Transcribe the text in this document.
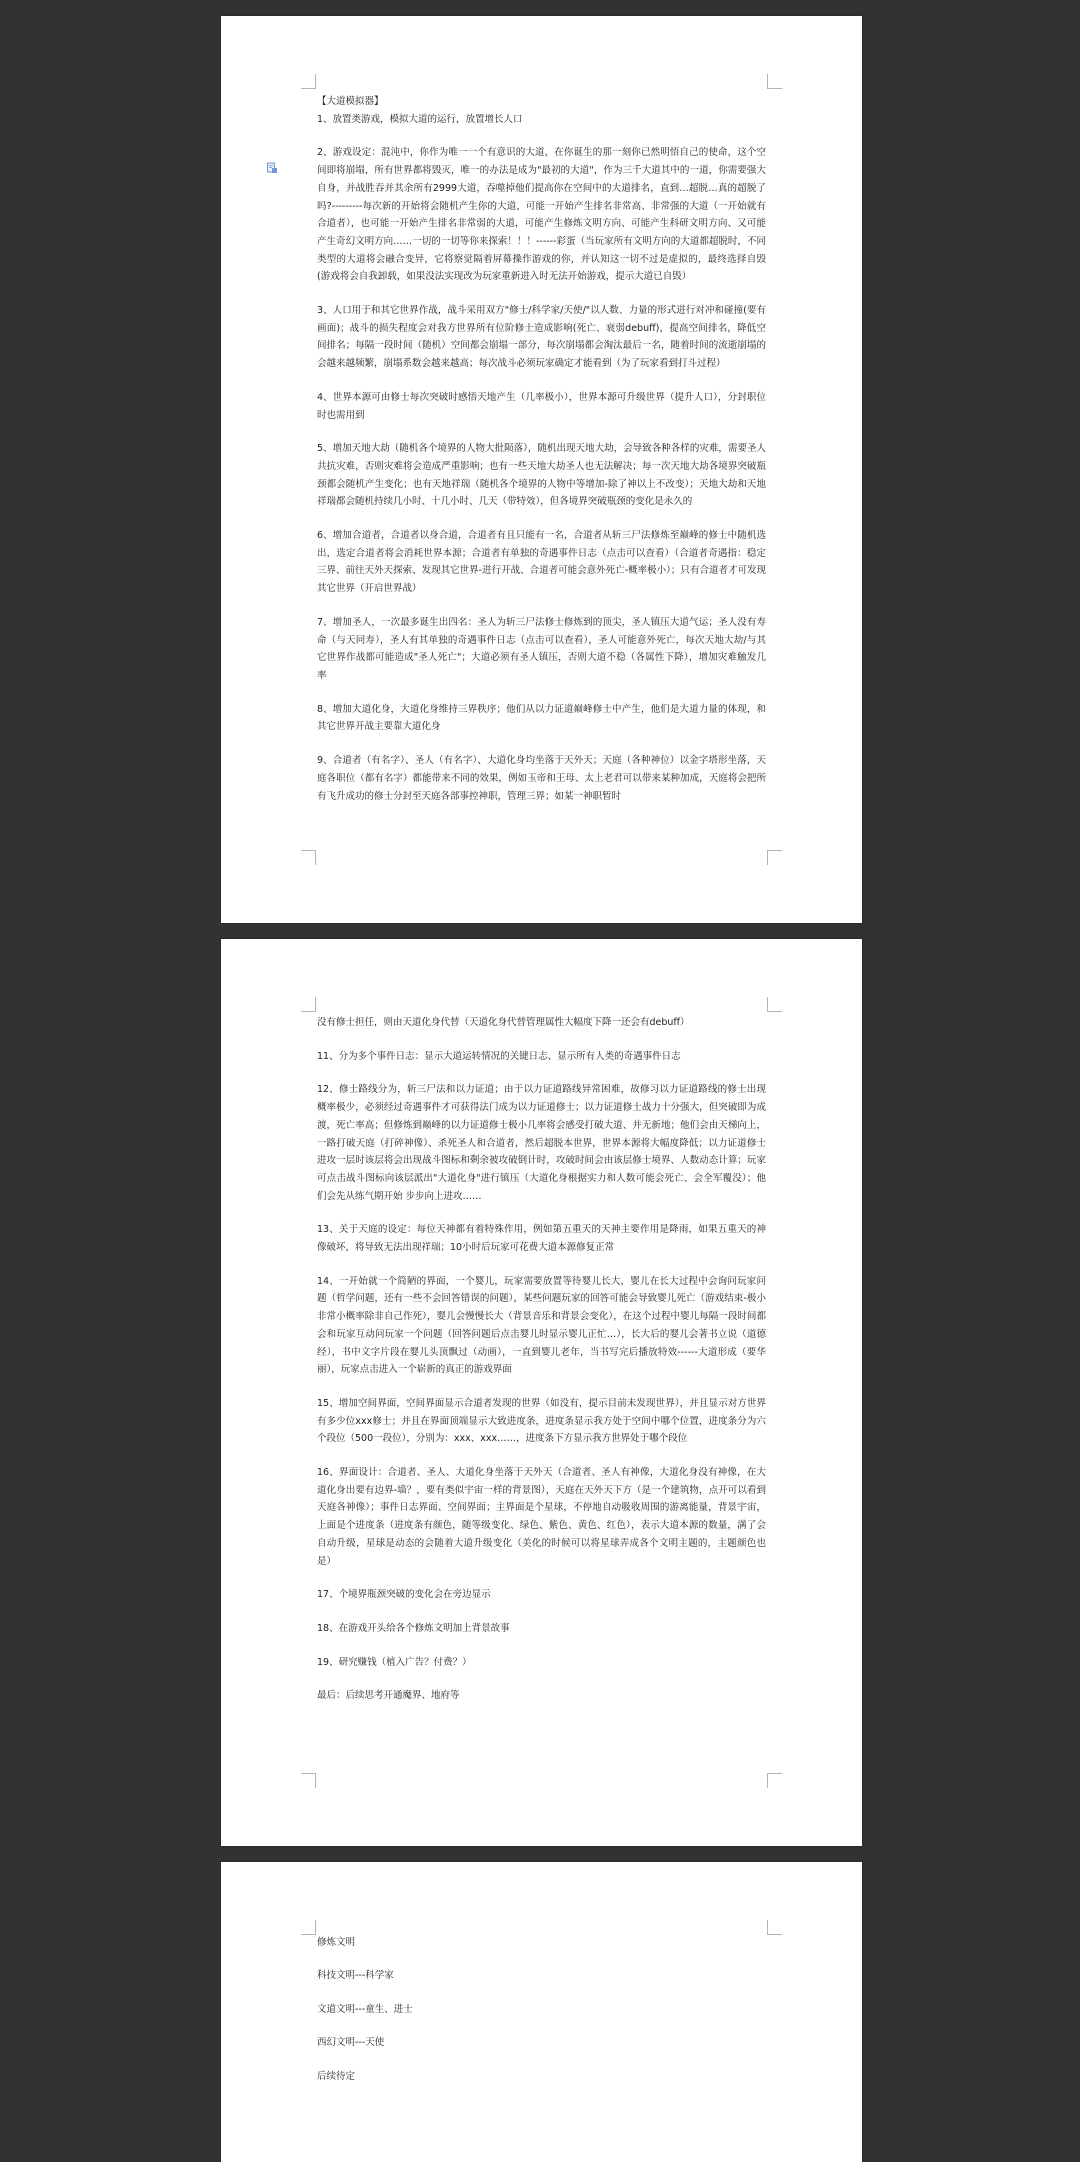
【大道模拟器】

1、放置类游戏，模拟大道的运行，放置增长人口

2、游戏设定：混沌中，你作为唯一一个有意识的大道，在你诞生的那一刻你已然明悟自己的使命，这个空间即将崩塌，所有世界都将毁灭，唯一的办法是成为"最初的大道"，作为三千大道其中的一道，你需要强大自身，并战胜吞并其余所有2999大道，吞噬掉他们提高你在空间中的大道排名，直到…超脱…真的超脱了吗?---------每次新的开始将会随机产生你的大道，可能一开始产生排名非常高、非常强的大道（一开始就有合道者），也可能一开始产生排名非常弱的大道，可能产生修炼文明方向、可能产生科研文明方向、又可能产生奇幻文明方向……一切的一切等你来探索！！！------彩蛋（当玩家所有文明方向的大道都超脱时，不同类型的大道将会融合变异，它将察觉隔着屏幕操作游戏的你，并认知这一切不过是虚拟的，最终选择自毁(游戏将会自我卸载，如果没法实现改为玩家重新进入时无法开始游戏，提示大道已自毁）

3、人口用于和其它世界作战，战斗采用双方"修士/科学家/天使/"以人数、力量的形式进行对冲和碰撞(要有画面)；战斗的损失程度会对我方世界所有位阶修士造成影响(死亡、衰弱debuff)，提高空间排名，降低空间排名；每隔一段时间（随机）空间都会崩塌一部分，每次崩塌都会淘汰最后一名，随着时间的流逝崩塌的会越来越频繁，崩塌系数会越来越高；每次战斗必须玩家确定才能看到（为了玩家看到打斗过程）

4、世界本源可由修士每次突破时感悟天地产生（几率极小），世界本源可升级世界（提升人口），分封职位时也需用到

5、增加天地大劫（随机各个境界的人物大批陨落），随机出现天地大劫，会导致各种各样的灾难，需要圣人共抗灾难，否则灾难将会造成严重影响；也有一些天地大劫圣人也无法解决；每一次天地大劫各境界突破瓶颈都会随机产生变化；也有天地祥瑞（随机各个境界的人物中等增加-除了神以上不改变）；天地大劫和天地祥瑞都会随机持续几小时、十几小时、几天（带特效），但各境界突破瓶颈的变化是永久的

6、增加合道者，合道者以身合道，合道者有且只能有一名，合道者从斩三尸法修炼至巅峰的修士中随机选出，选定合道者将会消耗世界本源；合道者有单独的奇遇事件日志（点击可以查看）（合道者奇遇指：稳定三界、前往天外天探索、发现其它世界-进行开战、合道者可能会意外死亡-概率极小）；只有合道者才可发现其它世界（开启世界战）

7、增加圣人，一次最多诞生出四名：圣人为斩三尸法修士修炼到的顶尖，圣人镇压大道气运；圣人没有寿命（与天同寿），圣人有其单独的奇遇事件日志（点击可以查看），圣人可能意外死亡，每次天地大劫/与其它世界作战都可能造成"圣人死亡"；大道必须有圣人镇压，否则大道不稳（各属性下降），增加灾难触发几率

8、增加大道化身，大道化身维持三界秩序；他们从以力证道巅峰修士中产生，他们是大道力量的体现，和其它世界开战主要靠大道化身

9、合道者（有名字）、圣人（有名字）、大道化身均坐落于天外天；天庭（各种神位）以金字塔形坐落，天庭各职位（都有名字）都能带来不同的效果，例如玉帝和王母、太上老君可以带来某种加成，天庭将会把所有飞升成功的修士分封至天庭各部事控神职，管理三界；如某一神职暂时

没有修士担任，则由天道化身代替（天道化身代替管理属性大幅度下降一还会有debuff）

11、分为多个事件日志：显示大道运转情况的关键日志、显示所有人类的奇遇事件日志

12、修士路线分为，斩三尸法和以力证道；由于以力证道路线异常困难，故修习以力证道路线的修士出现概率极少，必须经过奇遇事件才可获得法门成为以力证道修士；以力证道修士战力十分强大，但突破即为成渡，死亡率高；但修炼到巅峰的以力证道修士极小几率将会感受打破大道、并无新地；他们会由天梯向上，一路打破天庭（打碎神像）、杀死圣人和合道者，然后超脱本世界，世界本源将大幅度降低；以力证道修士进攻一层时该层将会出现战斗图标和剩余被攻破倒计时，攻破时间会由该层修士境界、人数动态计算；玩家可点击战斗图标向该层派出"大道化身"进行镇压（大道化身根据实力和人数可能会死亡、会全军覆没）；他们会先从练气期开始 步步向上进攻……

13、关于天庭的设定：每位天神都有着特殊作用，例如第五重天的天神主要作用是降雨，如果五重天的神像破坏，将导致无法出现祥瑞；10小时后玩家可花费大道本源修复正常

14、一开始就一个简陋的界面，一个婴儿，玩家需要放置等待婴儿长大，婴儿在长大过程中会询问玩家问题（哲学问题，还有一些不会回答错误的问题），某些问题玩家的回答可能会导致婴儿死亡（游戏结束-极小非常小概率除非自己作死），婴儿会慢慢长大（背景音乐和背景会变化），在这个过程中婴儿每隔一段时间都会和玩家互动问玩家一个问题（回答问题后点击婴儿时显示婴儿正忙…），长大后的婴儿会著书立说（道德经），书中文字片段在婴儿头顶飘过（动画），一直到婴儿老年，当书写完后播放特效------大道形成（要华丽），玩家点击进入一个崭新的真正的游戏界面

15、增加空间界面，空间界面显示合道者发现的世界（如没有，提示目前未发现世界），并且显示对方世界有多少位xxx修士；并且在界面顶端显示大致进度条，进度条显示我方处于空间中哪个位置，进度条分为六个段位（500一段位），分别为：xxx、xxx……，进度条下方显示我方世界处于哪个段位

16、界面设计：合道者、圣人、大道化身坐落于天外天（合道者、圣人有神像，大道化身没有神像，在大道化身出要有边界-墙？，要有类似宇宙一样的背景图），天庭在天外天下方（是一个建筑物，点开可以看到天庭各神像）；事件日志界面、空间界面；主界面是个星球，不停地自动吸收周围的游离能量，背景宇宙，上面是个进度条（进度条有颜色，随等级变化、绿色、紫色、黄色、红色），表示大道本源的数量，满了会自动升级，星球是动态的会随着大道升级变化（美化的时候可以将星球弄成各个文明主题的，主题颜色也是）

17、个境界瓶颈突破的变化会在旁边显示

18、在游戏开头给各个修炼文明加上背景故事

19、研究赚钱（植入广告？付费？）

最后：后续思考开通魔界、地府等

修炼文明

科技文明---科学家

文道文明---童生、进士

西幻文明---天使

后续待定
